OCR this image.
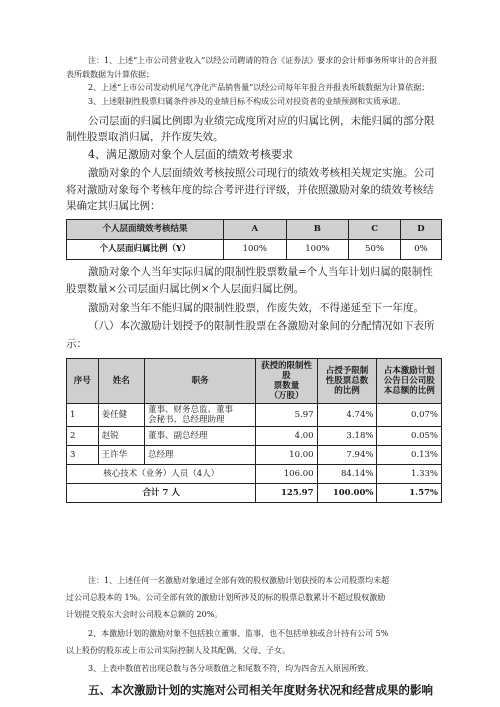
注：1、上述“上市公司营业收入”以经公司聘请的符合《证券法》要求的会计师事务所审计的合并报
表所载数据为计算依据；
2、上述“上市公司发动机尾气净化产品销售量”以经公司每年年报合并报表所载数据为计算依据；
3、上述限制性股票归属条件涉及的业绩目标不构成公司对投资者的业绩预测和实质承诺。
公司层面的归属比例即为业绩完成度所对应的归属比例，未能归属的部分限
制性股票取消归属，并作废失效。
4、满足激励对象个人层面的绩效考核要求
激励对象的个人层面绩效考核按照公司现行的绩效考核相关规定实施。公司
将对激励对象每个考核年度的综合考评进行评级，并依照激励对象的绩效考核结
果确定其归属比例：
个人层面绩效考核结果	A	B	C	D
个人层面归属比例（Y）	100%	100%	50%	0%
激励对象个人当年实际归属的限制性股票数量=个人当年计划归属的限制性
股票数量×公司层面归属比例×个人层面归属比例。
激励对象当年不能归属的限制性股票，作废失效，不得递延至下一年度。
（八）本次激励计划授予的限制性股票在各激励对象间的分配情况如下表所
示：
序号	姓名	职务	获授的限制性股
票数量
（万股）	占授予限制
性股票总数
的比例	占本激励计划
公告日公司股
本总额的比例
1	姜任健	董事、财务总监、董事
会秘书、总经理助理	5.97	4.74%	0.07%
2	赵锐	董事、副总经理	4.00	3.18%	0.05%
3	王许华	总经理	10.00	7.94%	0.13%
核心技术（业务）人员（4人）			106.00	84.14%	1.33%
合计 7 人			125.97	100.00%	1.57%
注：1、上述任何一名激励对象通过全部有效的股权激励计划获授的本公司股票均未超
过公司总股本的 1%。公司全部有效的激励计划所涉及的标的股票总数累计不超过股权激励
计划提交股东大会时公司股本总额的 20%。
2、本激励计划的激励对象不包括独立董事、监事，也不包括单独或合计持有公司 5%
以上股份的股东或上市公司实际控制人及其配偶、父母、子女。
3、上表中数值若出现总数与各分项数值之和尾数不符，均为四舍五入原因所致。
五、本次激励计划的实施对公司相关年度财务状况和经营成果的影响
